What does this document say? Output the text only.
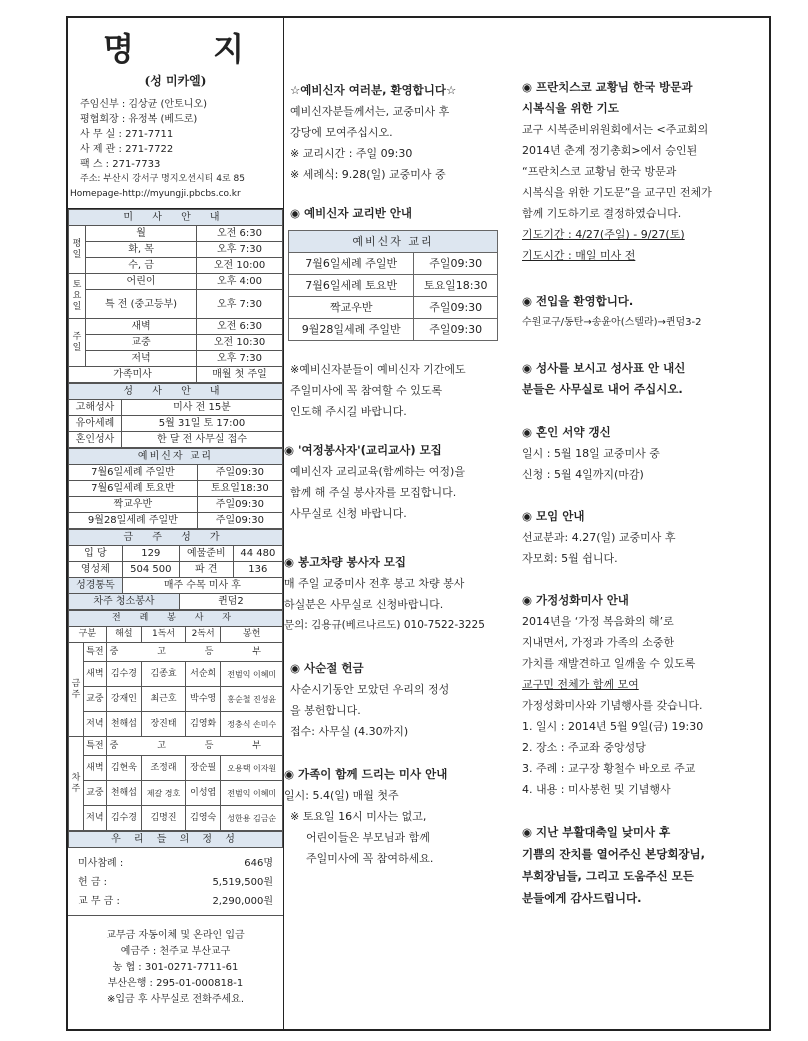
명 지
(성 미카엘)
주임신부 : 김상균 (안토니오)
평협회장 : 유정복 (베드로)
사 무 실 : 271-7711
사 제 관 : 271-7722
팩 스 : 271-7733
주소: 부산시 강서구 명지오션시티 4로 85
Homepage-http://myungji.pbcbs.co.kr
미 사 안 내		
평일	월	오전 6:30
	화, 목	오후 7:30
	수, 금	오전 10:00
토요일	어린이	오후 4:00
	특 전 (중고등부)	오후 7:30
주일	새벽	오전 6:30
	교중	오전 10:30
	저녁	오후 7:30
가족미사		매월 첫 주일
성 사 안 내	
고해성사	미사 전 15분
유아세례	5월 31일 토 17:00
혼인성사	한 달 전 사무실 접수
예비신자 교리	
7월6일세례 주일반	주일09:30
7월6일세례 토요반	토요일18:30
짝교우반	주일09:30
9월28일세례 주일반	주일09:30
금 주 성 가			
입 당	129	예물준비	44 480
영성체	504 500	파 견	136
성경통독	매주 수목 미사 후		
차주 청소봉사		퀸덤2	
전 례 봉 사 자					
구분		해설	1독서	2독서	봉헌
금주	특전	중 고 등 부			
	새벽	김수경	김종효	서순희	전범익 이혜미
	교중	강재인	최근호	박수영	홍순철 진성윤
	저녁	천해섭	장진태	김영화	정충식 손미수
차주	특전	중 고 등 부			
	새벽	김현욱	조정래	장순필	오용택 이자원
	교중	천해섭	제갈 경호	이성엽	전범익 이혜미
	저녁	김수경	김명진	김영숙	성한용 김금순
우 리 들 의 정 성
미사참례 :	646명
헌 금 :	5,519,500원
교 무 금 :	2,290,000원
교무금 자동이체 및 온라인 입금
예금주 : 천주교 부산교구
농 협 : 301-0271-7711-61
부산은행 : 295-01-000818-1
※입금 후 사무실로 전화주세요.
☆예비신자 여러분, 환영합니다☆
예비신자분들께서는, 교중미사 후
강당에 모여주십시오.
※ 교리시간 : 주일 09:30
※ 세례식: 9.28(일) 교중미사 중
◉ 예비신자 교리반 안내
예비신자 교리	
7월6일세례 주일반	주일09:30
7월6일세례 토요반	토요일18:30
짝교우반	주일09:30
9월28일세례 주일반	주일09:30
※예비신자분들이 예비신자 기간에도
주일미사에 꼭 참여할 수 있도록
인도해 주시길 바랍니다.
◉ '여정봉사자'(교리교사) 모집
예비신자 교리교육(함께하는 여정)을
함께 해 주실 봉사자를 모집합니다.
사무실로 신청 바랍니다.
◉ 봉고차량 봉사자 모집
매 주일 교중미사 전후 봉고 차량 봉사
하실분은 사무실로 신청바랍니다.
문의: 김용규(베르나르도) 010-7522-3225
◉ 사순절 헌금
사순시기동안 모았던 우리의 정성
을 봉헌합니다.
접수: 사무실 (4.30까지)
◉ 가족이 함께 드리는 미사 안내
일시: 5.4(일) 매월 첫주
※ 토요일 16시 미사는 없고,
어린이들은 부모님과 함께
주일미사에 꼭 참여하세요.
◉ 프란치스코 교황님 한국 방문과
시복식을 위한 기도
교구 시복준비위원회에서는 <주교회의
2014년 춘계 정기총회>에서 승인된
“프란치스코 교황님 한국 방문과
시복식을 위한 기도문”을 교구민 전체가
함께 기도하기로 결정하였습니다.
기도기간 : 4/27(주일) - 9/27(토)
기도시간 : 매일 미사 전
◉ 전입을 환영합니다.
수원교구/동탄→송윤아(스텔라)→퀸덤3-2
◉ 성사를 보시고 성사표 안 내신
분들은 사무실로 내어 주십시오.
◉ 혼인 서약 갱신
일시 : 5월 18일 교중미사 중
신청 : 5월 4일까지(마감)
◉ 모임 안내
선교분과: 4.27(일) 교중미사 후
자모회: 5월 쉽니다.
◉ 가정성화미사 안내
2014년을 ‘가정 복음화의 해’로
지내면서, 가정과 가족의 소중한
가치를 재발견하고 일깨울 수 있도록
교구민 전체가 함께 모여
가정성화미사와 기념행사를 갖습니다.
1. 일시 : 2014년 5월 9일(금) 19:30
2. 장소 : 주교좌 중앙성당
3. 주례 : 교구장 황철수 바오로 주교
4. 내용 : 미사봉헌 및 기념행사
◉ 지난 부활대축일 낮미사 후
기쁨의 잔치를 열어주신 본당회장님,
부회장님들, 그리고 도움주신 모든
분들에게 감사드립니다.
